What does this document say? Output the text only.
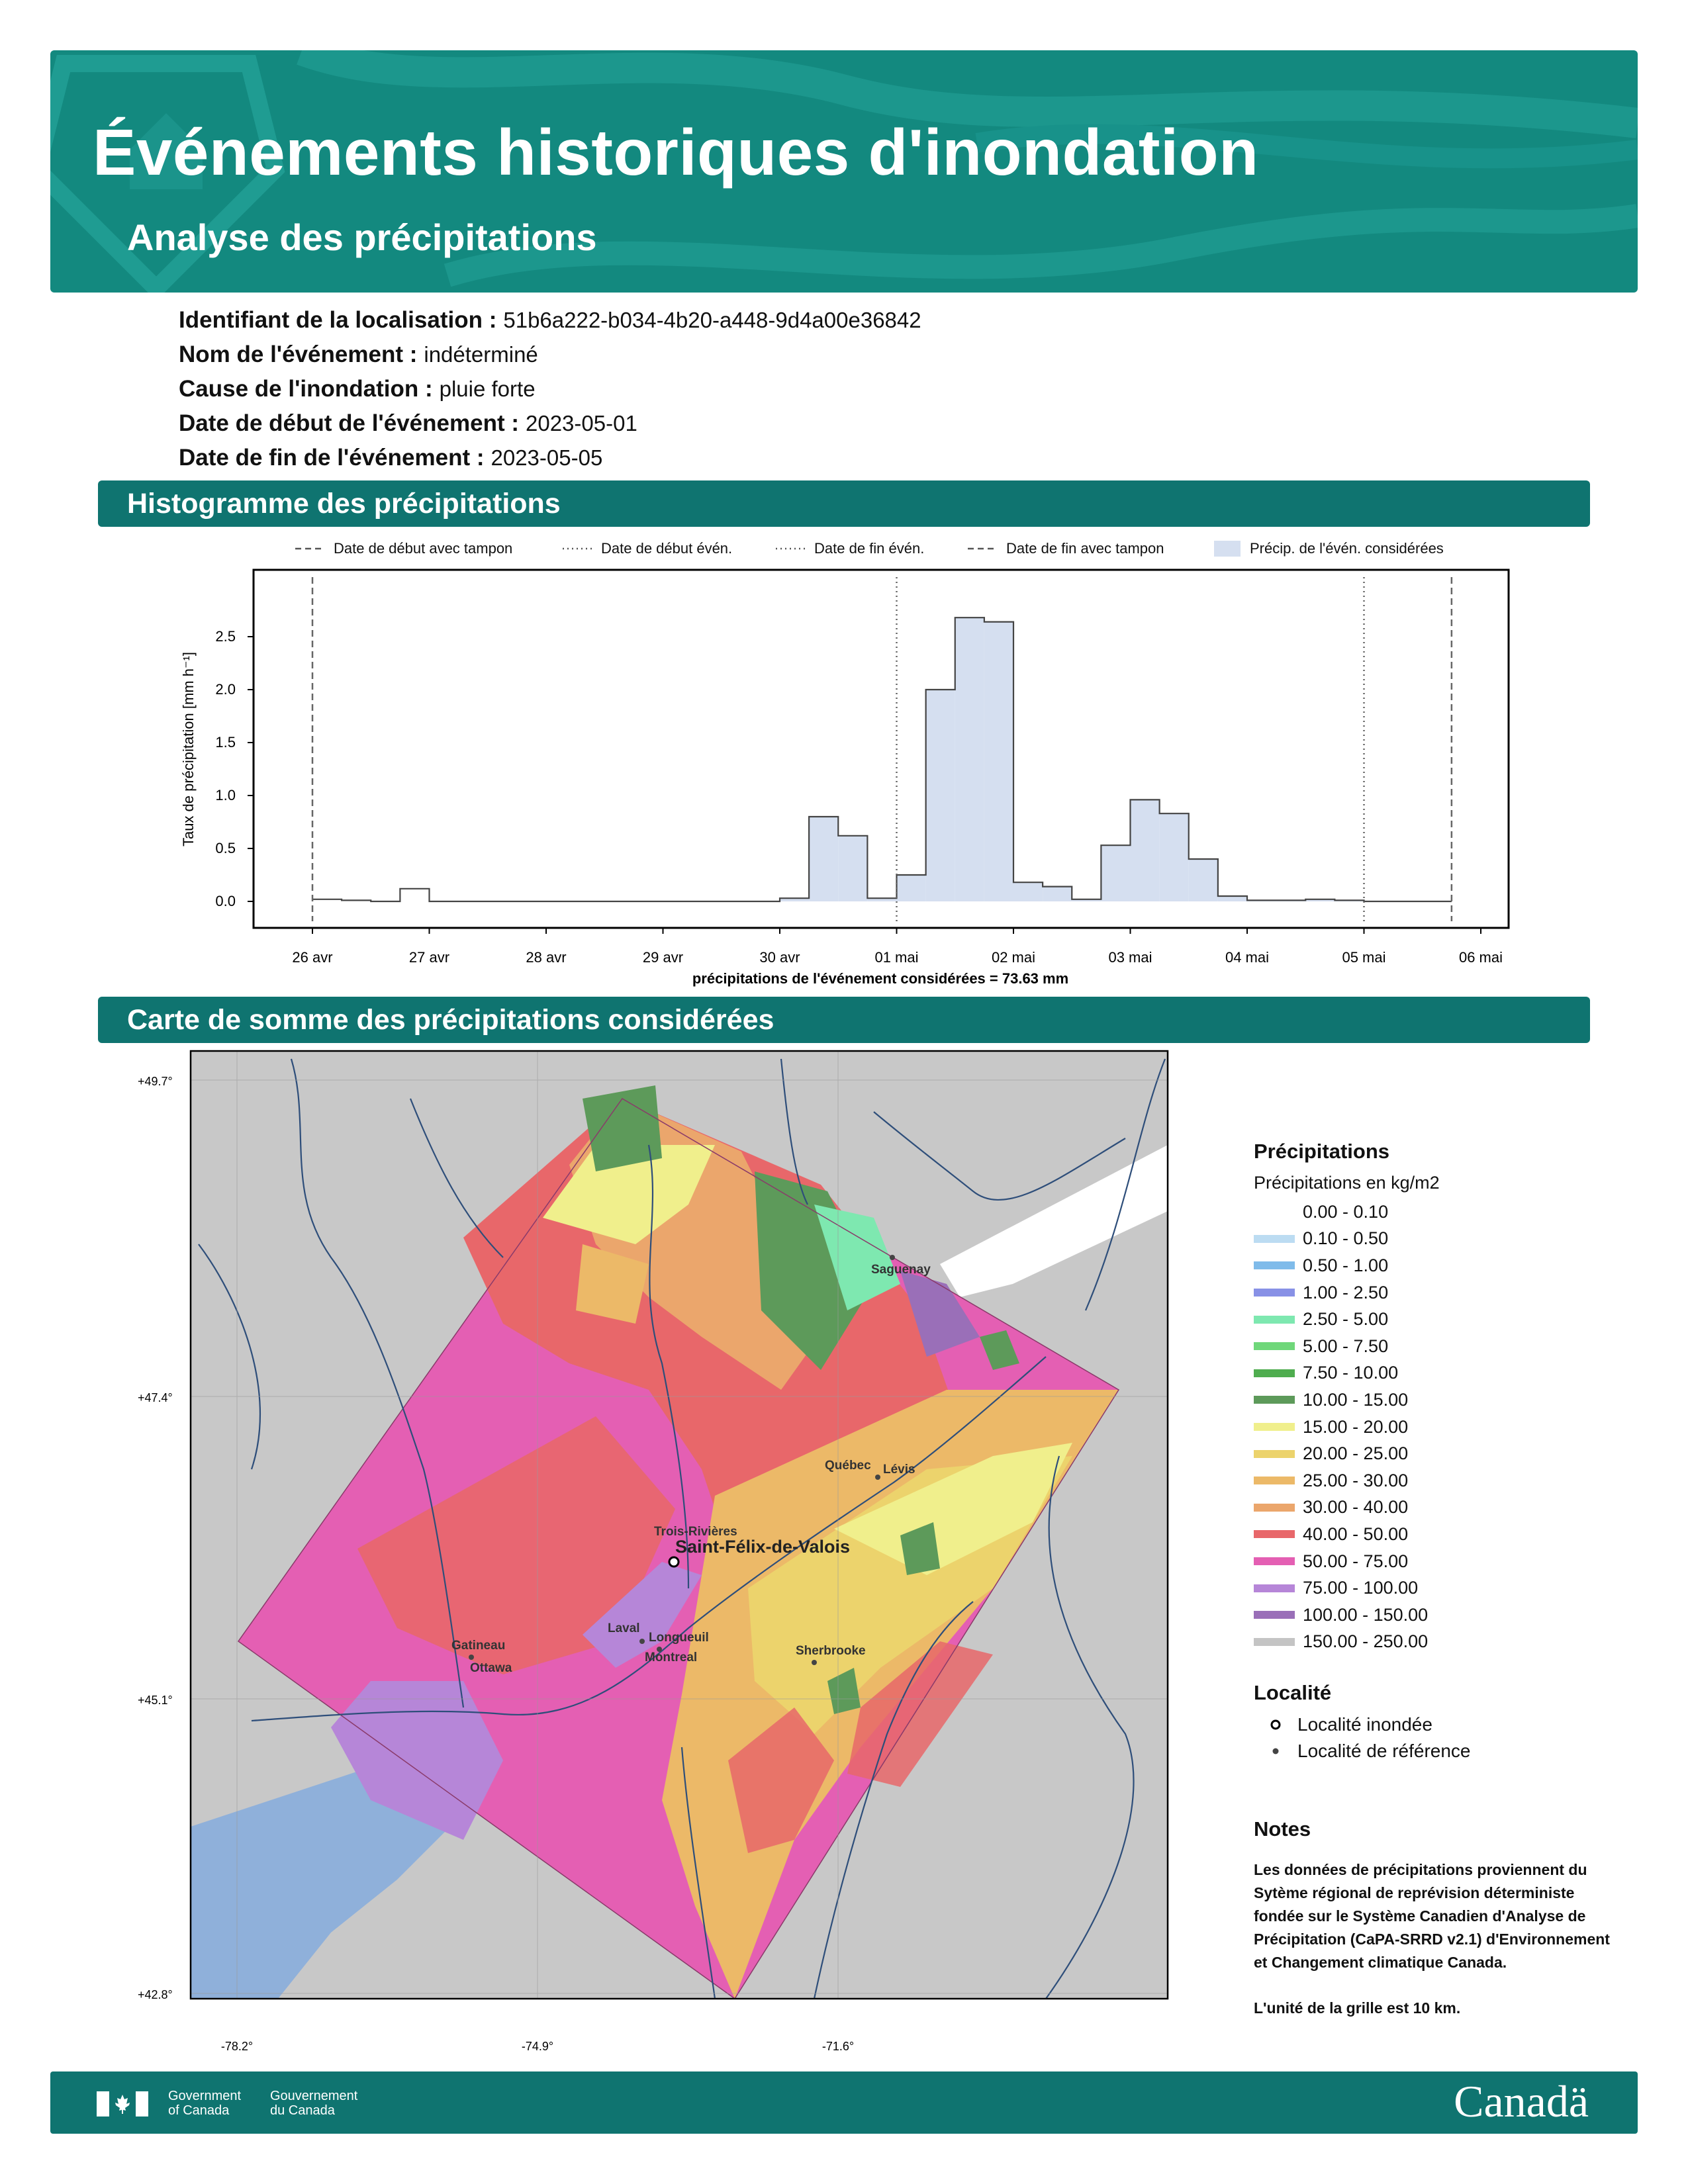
Événements historiques d'inondation
Analyse des précipitations
Identifiant de la localisation : 51b6a222-b034-4b20-a448-9d4a00e36842
Nom de l'événement : indéterminé
Cause de l'inondation : pluie forte
Date de début de l'événement : 2023-05-01
Date de fin de l'événement : 2023-05-05
Histogramme des précipitations
Date de début avec tampon	Date de début évén.	Date de fin évén.	Date de fin avec tampon	Précip. de l'évén. considérées
0.0
0.5
1.0
1.5
2.0
2.5
26 avr	27 avr	28 avr	29 avr	30 avr	01 mai	02 mai	03 mai	04 mai	05 mai	06 mai
Taux de précipitation [mm h⁻¹]
précipitations de l'événement considérées = 73.63 mm
Carte de somme des précipitations considérées
+49.7°
+47.4°
+45.1°
+42.8°
-78.2°	-74.9°	-71.6°
Saguenay
Québec Lévis
Trois-Rivières
Saint-Félix-de-Valois
Laval
Longueuil
Montreal
Gatineau
Ottawa
Sherbrooke
Précipitations
Précipitations en kg/m2
0.00 - 0.10
0.10 - 0.50
0.50 - 1.00
1.00 - 2.50
2.50 - 5.00
5.00 - 7.50
7.50 - 10.00
10.00 - 15.00
15.00 - 20.00
20.00 - 25.00
25.00 - 30.00
30.00 - 40.00
40.00 - 50.00
50.00 - 75.00
75.00 - 100.00
100.00 - 150.00
150.00 - 250.00
Localité
Localité inondée
Localité de référence
Notes

Les données de précipitations proviennent du Sytème régional de reprévision déterministe fondée sur le Système Canadien d'Analyse de Précipitation (CaPA-SRRD v2.1) d'Environnement et Changement climatique Canada.

L'unité de la grille est 10 km.

Government
of Canada
Gouvernement
du Canada	Canadä
